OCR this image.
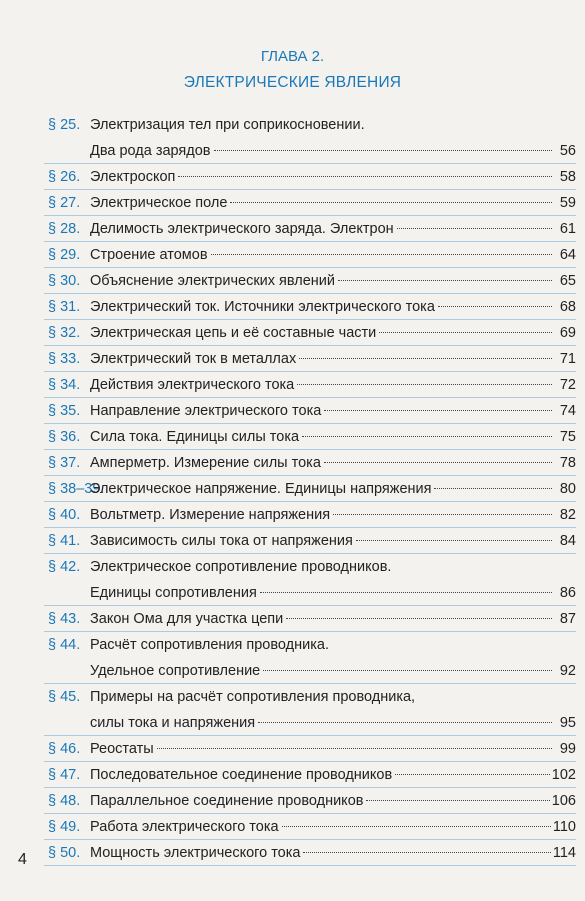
ГЛАВА 2.
ЭЛЕКТРИЧЕСКИЕ ЯВЛЕНИЯ
§ 25. Электризация тел при соприкосновении.
Два рода зарядов	56
§ 26. Электроскоп	58
§ 27. Электрическое поле	59
§ 28. Делимость электрического заряда. Электрон	61
§ 29. Строение атомов	64
§ 30. Объяснение электрических явлений	65
§ 31. Электрический ток. Источники электрического тока	68
§ 32. Электрическая цепь и её составные части	69
§ 33. Электрический ток в металлах	71
§ 34. Действия электрического тока	72
§ 35. Направление электрического тока	74
§ 36. Сила тока. Единицы силы тока	75
§ 37. Амперметр. Измерение силы тока	78
§ 38–39.
Электрическое напряжение. Единицы напряжения	80
§ 40. Вольтметр. Измерение напряжения	82
§ 41. Зависимость силы тока от напряжения	84
§ 42. Электрическое сопротивление проводников.
Единицы сопротивления	86
§ 43. Закон Ома для участка цепи	87
§ 44. Расчёт сопротивления проводника.
Удельное сопротивление	92
§ 45. Примеры на расчёт сопротивления проводника,
силы тока и напряжения	95
§ 46. Реостаты	99
§ 47. Последовательное соединение проводников	102
§ 48. Параллельное соединение проводников	106
§ 49. Работа электрического тока	110
§ 50. Мощность электрического тока	114
4
